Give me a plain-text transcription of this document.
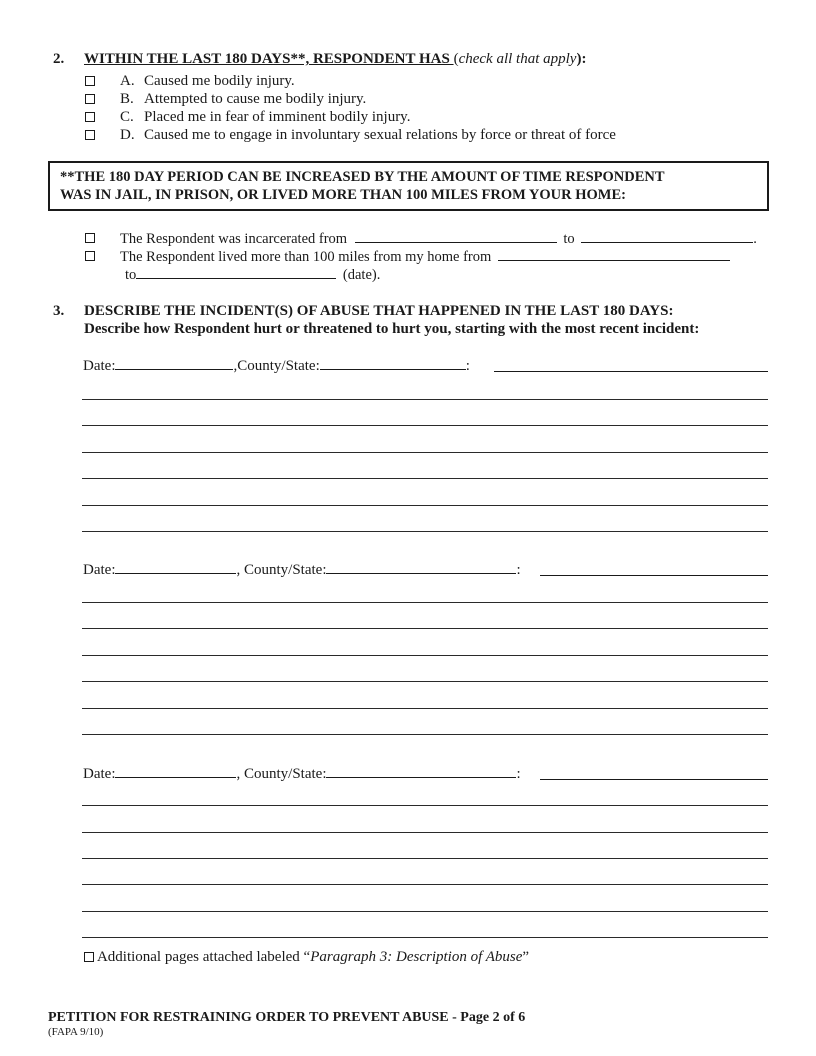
2. WITHIN THE LAST 180 DAYS**, RESPONDENT HAS (check all that apply):
A. Caused me bodily injury.
B. Attempted to cause me bodily injury.
C. Placed me in fear of imminent bodily injury.
D. Caused me to engage in involuntary sexual relations by force or threat of force
**THE 180 DAY PERIOD CAN BE INCREASED BY THE AMOUNT OF TIME RESPONDENT
WAS IN JAIL, IN PRISON, OR LIVED MORE THAN 100 MILES FROM YOUR HOME:
The Respondent was incarcerated from	to	.
The Respondent lived more than 100 miles from my home from
to	(date).
3. DESCRIBE THE INCIDENT(S) OF ABUSE THAT HAPPENED IN THE LAST 180 DAYS:
Describe how Respondent hurt or threatened to hurt you, starting with the most recent incident:
Date:	,County/State:	:
Date:	, County/State:	:
Date:	, County/State:	:
Additional pages attached labeled “Paragraph 3: Description of Abuse”
PETITION FOR RESTRAINING ORDER TO PREVENT ABUSE - Page 2 of 6
(FAPA 9/10)
